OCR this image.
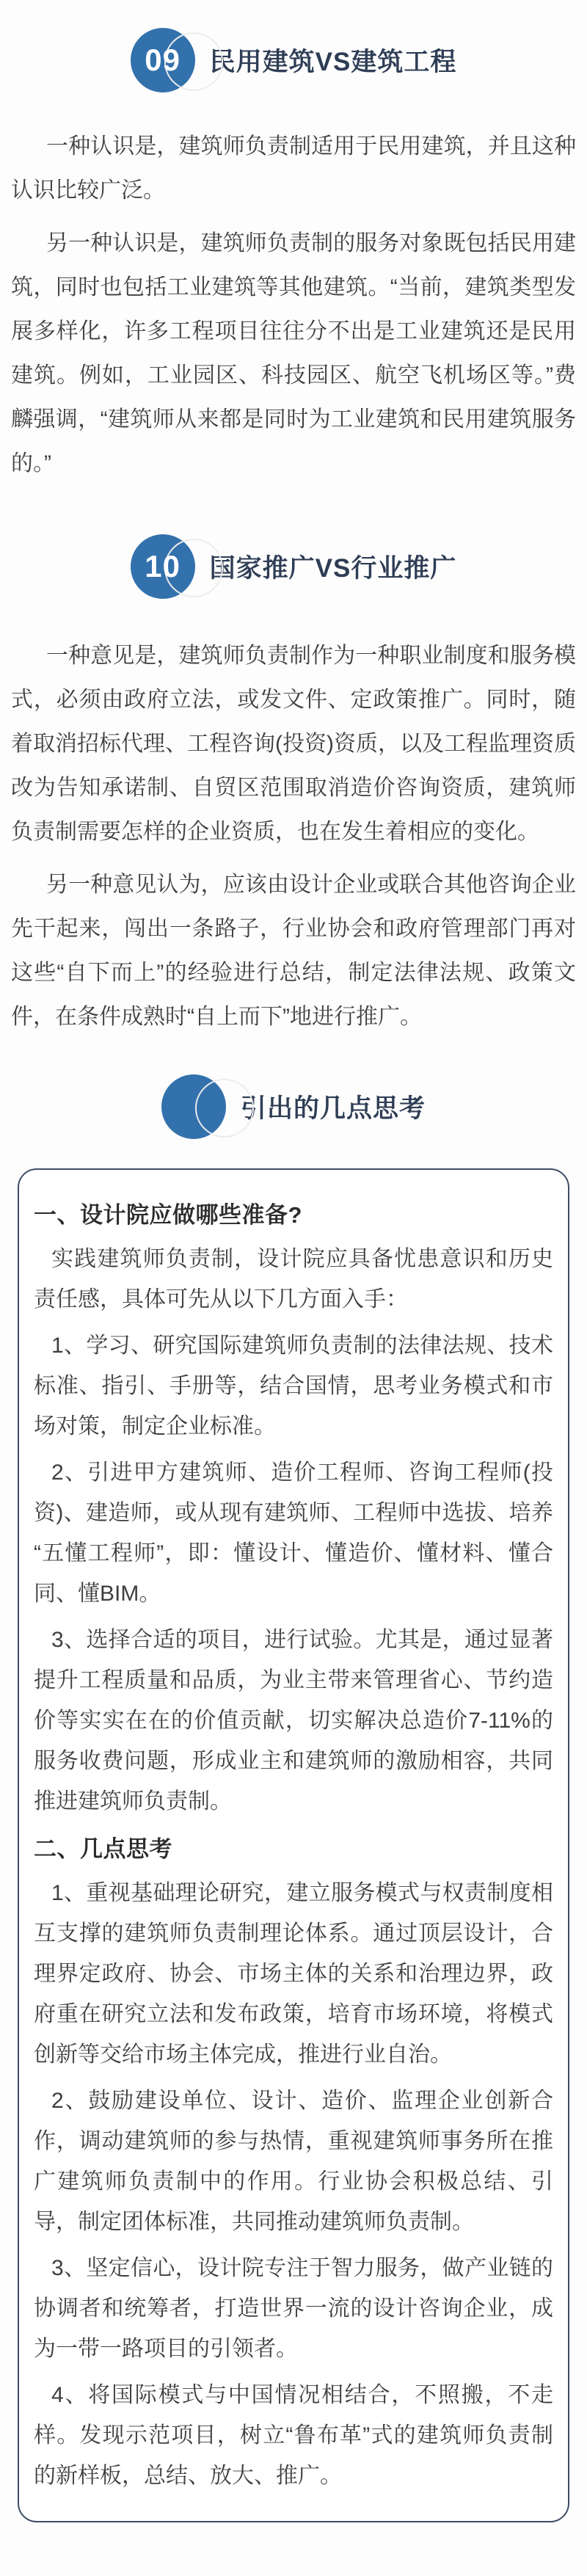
09 民用建筑VS建筑工程
一种认识是，建筑师负责制适用于民用建筑，并且这种认识比较广泛。
另一种认识是，建筑师负责制的服务对象既包括民用建筑，同时也包括工业建筑等其他建筑。“当前，建筑类型发展多样化，许多工程项目往往分不出是工业建筑还是民用建筑。例如，工业园区、科技园区、航空飞机场区等。”费麟强调，“建筑师从来都是同时为工业建筑和民用建筑服务的。”
10 国家推广VS行业推广
一种意见是，建筑师负责制作为一种职业制度和服务模式，必须由政府立法，或发文件、定政策推广。同时，随着取消招标代理、工程咨询(投资)资质，以及工程监理资质改为告知承诺制、自贸区范围取消造价咨询资质，建筑师负责制需要怎样的企业资质，也在发生着相应的变化。
另一种意见认为，应该由设计企业或联合其他咨询企业先干起来，闯出一条路子，行业协会和政府管理部门再对这些“自下而上”的经验进行总结，制定法律法规、政策文件，在条件成熟时“自上而下”地进行推广。
引出的几点思考
一、设计院应做哪些准备?
实践建筑师负责制，设计院应具备忧患意识和历史责任感，具体可先从以下几方面入手：
1、学习、研究国际建筑师负责制的法律法规、技术标准、指引、手册等，结合国情，思考业务模式和市场对策，制定企业标准。
2、引进甲方建筑师、造价工程师、咨询工程师(投资)、建造师，或从现有建筑师、工程师中选拔、培养“五懂工程师”，即：懂设计、懂造价、懂材料、懂合同、懂BIM。
3、选择合适的项目，进行试验。尤其是，通过显著提升工程质量和品质，为业主带来管理省心、节约造价等实实在在的价值贡献，切实解决总造价7-11%的服务收费问题，形成业主和建筑师的激励相容，共同推进建筑师负责制。
二、几点思考
1、重视基础理论研究，建立服务模式与权责制度相互支撑的建筑师负责制理论体系。通过顶层设计，合理界定政府、协会、市场主体的关系和治理边界，政府重在研究立法和发布政策，培育市场环境，将模式创新等交给市场主体完成，推进行业自治。
2、鼓励建设单位、设计、造价、监理企业创新合作，调动建筑师的参与热情，重视建筑师事务所在推广建筑师负责制中的作用。行业协会积极总结、引导，制定团体标准，共同推动建筑师负责制。
3、坚定信心，设计院专注于智力服务，做产业链的协调者和统筹者，打造世界一流的设计咨询企业，成为一带一路项目的引领者。
4、将国际模式与中国情况相结合，不照搬，不走样。发现示范项目，树立“鲁布革”式的建筑师负责制的新样板，总结、放大、推广。
